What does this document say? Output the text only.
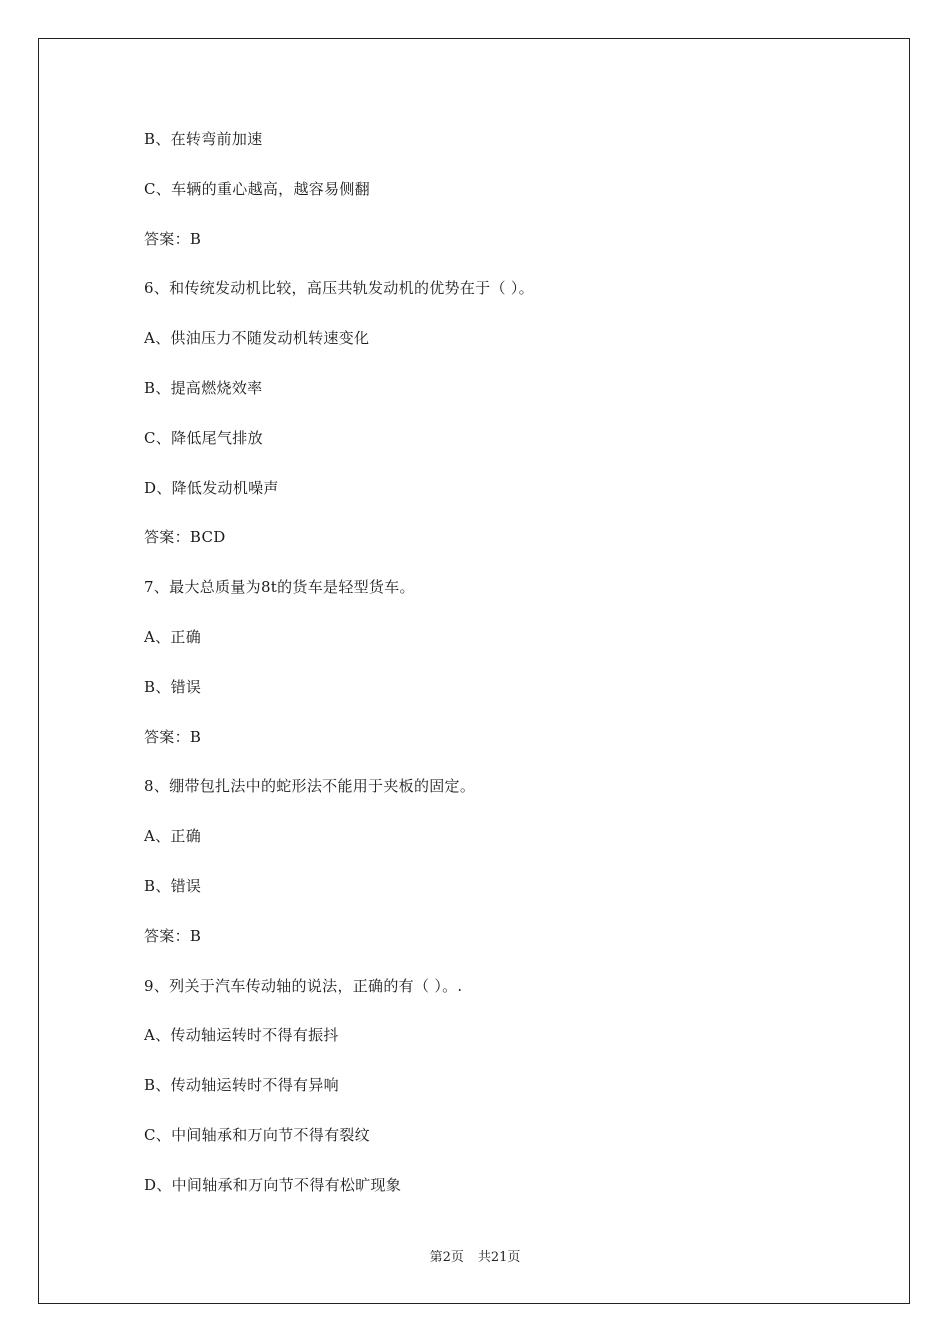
B、在转弯前加速
C、车辆的重心越高，越容易侧翻
答案：B
6、和传统发动机比较，高压共轨发动机的优势在于（ ）。
A、供油压力不随发动机转速变化
B、提高燃烧效率
C、降低尾气排放
D、降低发动机噪声
答案：BCD
7、最大总质量为8t的货车是轻型货车。
A、正确
B、错误
答案：B
8、绷带包扎法中的蛇形法不能用于夹板的固定。
A、正确
B、错误
答案：B
9、列关于汽车传动轴的说法，正确的有（ ）。.
A、传动轴运转时不得有振抖
B、传动轴运转时不得有异响
C、中间轴承和万向节不得有裂纹
D、中间轴承和万向节不得有松旷现象
第2页 共21页
